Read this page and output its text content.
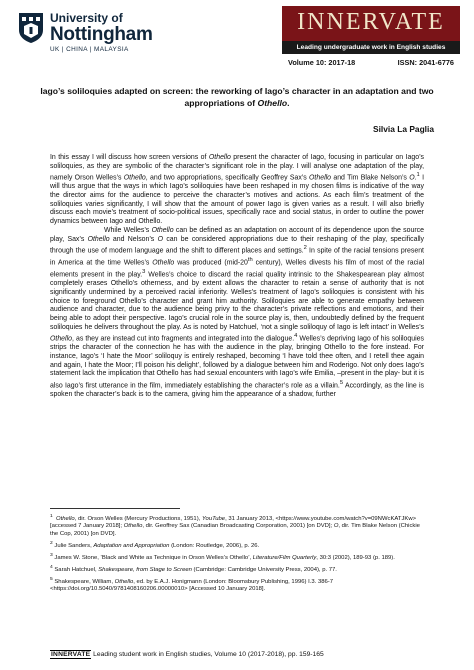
University of
Nottingham
UK | CHINA | MALAYSIA
INNERVATE
Leading undergraduate work in English studies
Volume 10: 2017-18	ISSN: 2041-6776
Iago’s soliloquies adapted on screen: the reworking of Iago’s character in an adaptation and two appropriations of Othello.
Silvia La Paglia

In this essay I will discuss how screen versions of Othello present the character of Iago, focusing in particular on Iago’s soliloquies, as they are symbolic of the character’s significant role in the play. I will analyse one adaptation of the play, namely Orson Welles’s Othello, and two appropriations, specifically Geoffrey Sax’s Othello and Tim Blake Nelson’s O.$^1$ I will thus argue that the ways in which Iago’s soliloquies have been reshaped in my chosen films is indicative of the way the director aims for the audience to perceive the character’s motives and actions. As each film’s treatment of the soliloquies varies significantly, I will show that the amount of power Iago is given varies as a result. I will also briefly discuss each movie’s treatment of socio-political issues, specifically race and social status, in order to outline the power dynamics between Iago and Othello.

While Welles’s Othello can be defined as an adaptation on account of its dependence upon the source play, Sax’s Othello and Nelson’s O can be considered appropriations due to their reshaping of the play, specifically through the use of modern language and the shift to different places and settings.$^2$ In spite of the racial tensions present in America at the time Welles’s Othello was produced (mid-20th century), Welles divests his film of most of the racial elements present in the play.$^3$ Welles’s choice to discard the racial quality intrinsic to the Shakespearean play almost completely erases Othello’s otherness, and by extent allows the character to retain a sense of authority that is not significantly undermined by a perceived racial inferiority. Welles’s treatment of Iago’s soliloquies is consistent with his choice to foreground Othello’s character and grant him authority. Soliloquies are able to generate empathy between audience and character, due to the audience being privy to the character’s private reflections and emotions, and their being able to adopt their perspective. Iago’s crucial role in the source play is, then, undoubtedly defined by the frequent soliloquies he delivers throughout the play. As is noted by Hatchuel, ‘not a single soliloquy of Iago is left intact’ in Welles’s Othello, as they are instead cut into fragments and integrated into the dialogue.$^4$ Welles’s depriving Iago of his soliloquies strips the character of the connection he has with the audience in the play, bringing Othello to the fore instead. For instance, Iago’s ‘I hate the Moor’ soliloquy is entirely reshaped, becoming ‘I have told thee often, and I retell thee again and again, I hate the Moor; I’ll poison his delight’, followed by a dialogue between him and Roderigo. Not only does Iago’s statement lack the implication that Othello has had sexual encounters with Iago’s wife Emilia, –present in the play- but it is also Iago’s first utterance in the film, immediately establishing the character’s role as a villain.$^5$ Accordingly, as the line is spoken the character’s back is to the camera, giving him the appearance of a shadow, further

$^1$ Othello, dir. Orson Welles (Mercury Productions, 1951), YouTube, 31 January 2013, <https://www.youtube.com/watch?v=09NWcKATJKw> [accessed 7 January 2018]; Othello, dir. Geoffrey Sax (Canadian Broadcasting Corporation, 2001) [on DVD]; O, dir. Tim Blake Nelson (Chickie the Cop, 2001) [on DVD].

$^2$ Julie Sanders, Adaptation and Appropriation (London: Routledge, 2006), p. 26.

$^3$ James W. Stone, ‘Black and White as Technique in Orson Welles’s Othello’, Literature/Film Quarterly, 30:3 (2002), 189-93 (p. 189).

$^4$ Sarah Hatchuel, Shakespeare, from Stage to Screen (Cambridge: Cambridge University Press, 2004), p. 77.

$^5$ Shakespeare, William, Othello, ed. by E.A.J. Honigmann (London: Bloomsbury Publishing, 1996) I.3. 386-7 <https://doi.org/10.5040/9781408160206.00000010> [Accessed 10 January 2018].

INNERVATE Leading student work in English studies, Volume 10 (2017-2018), pp. 159-165
